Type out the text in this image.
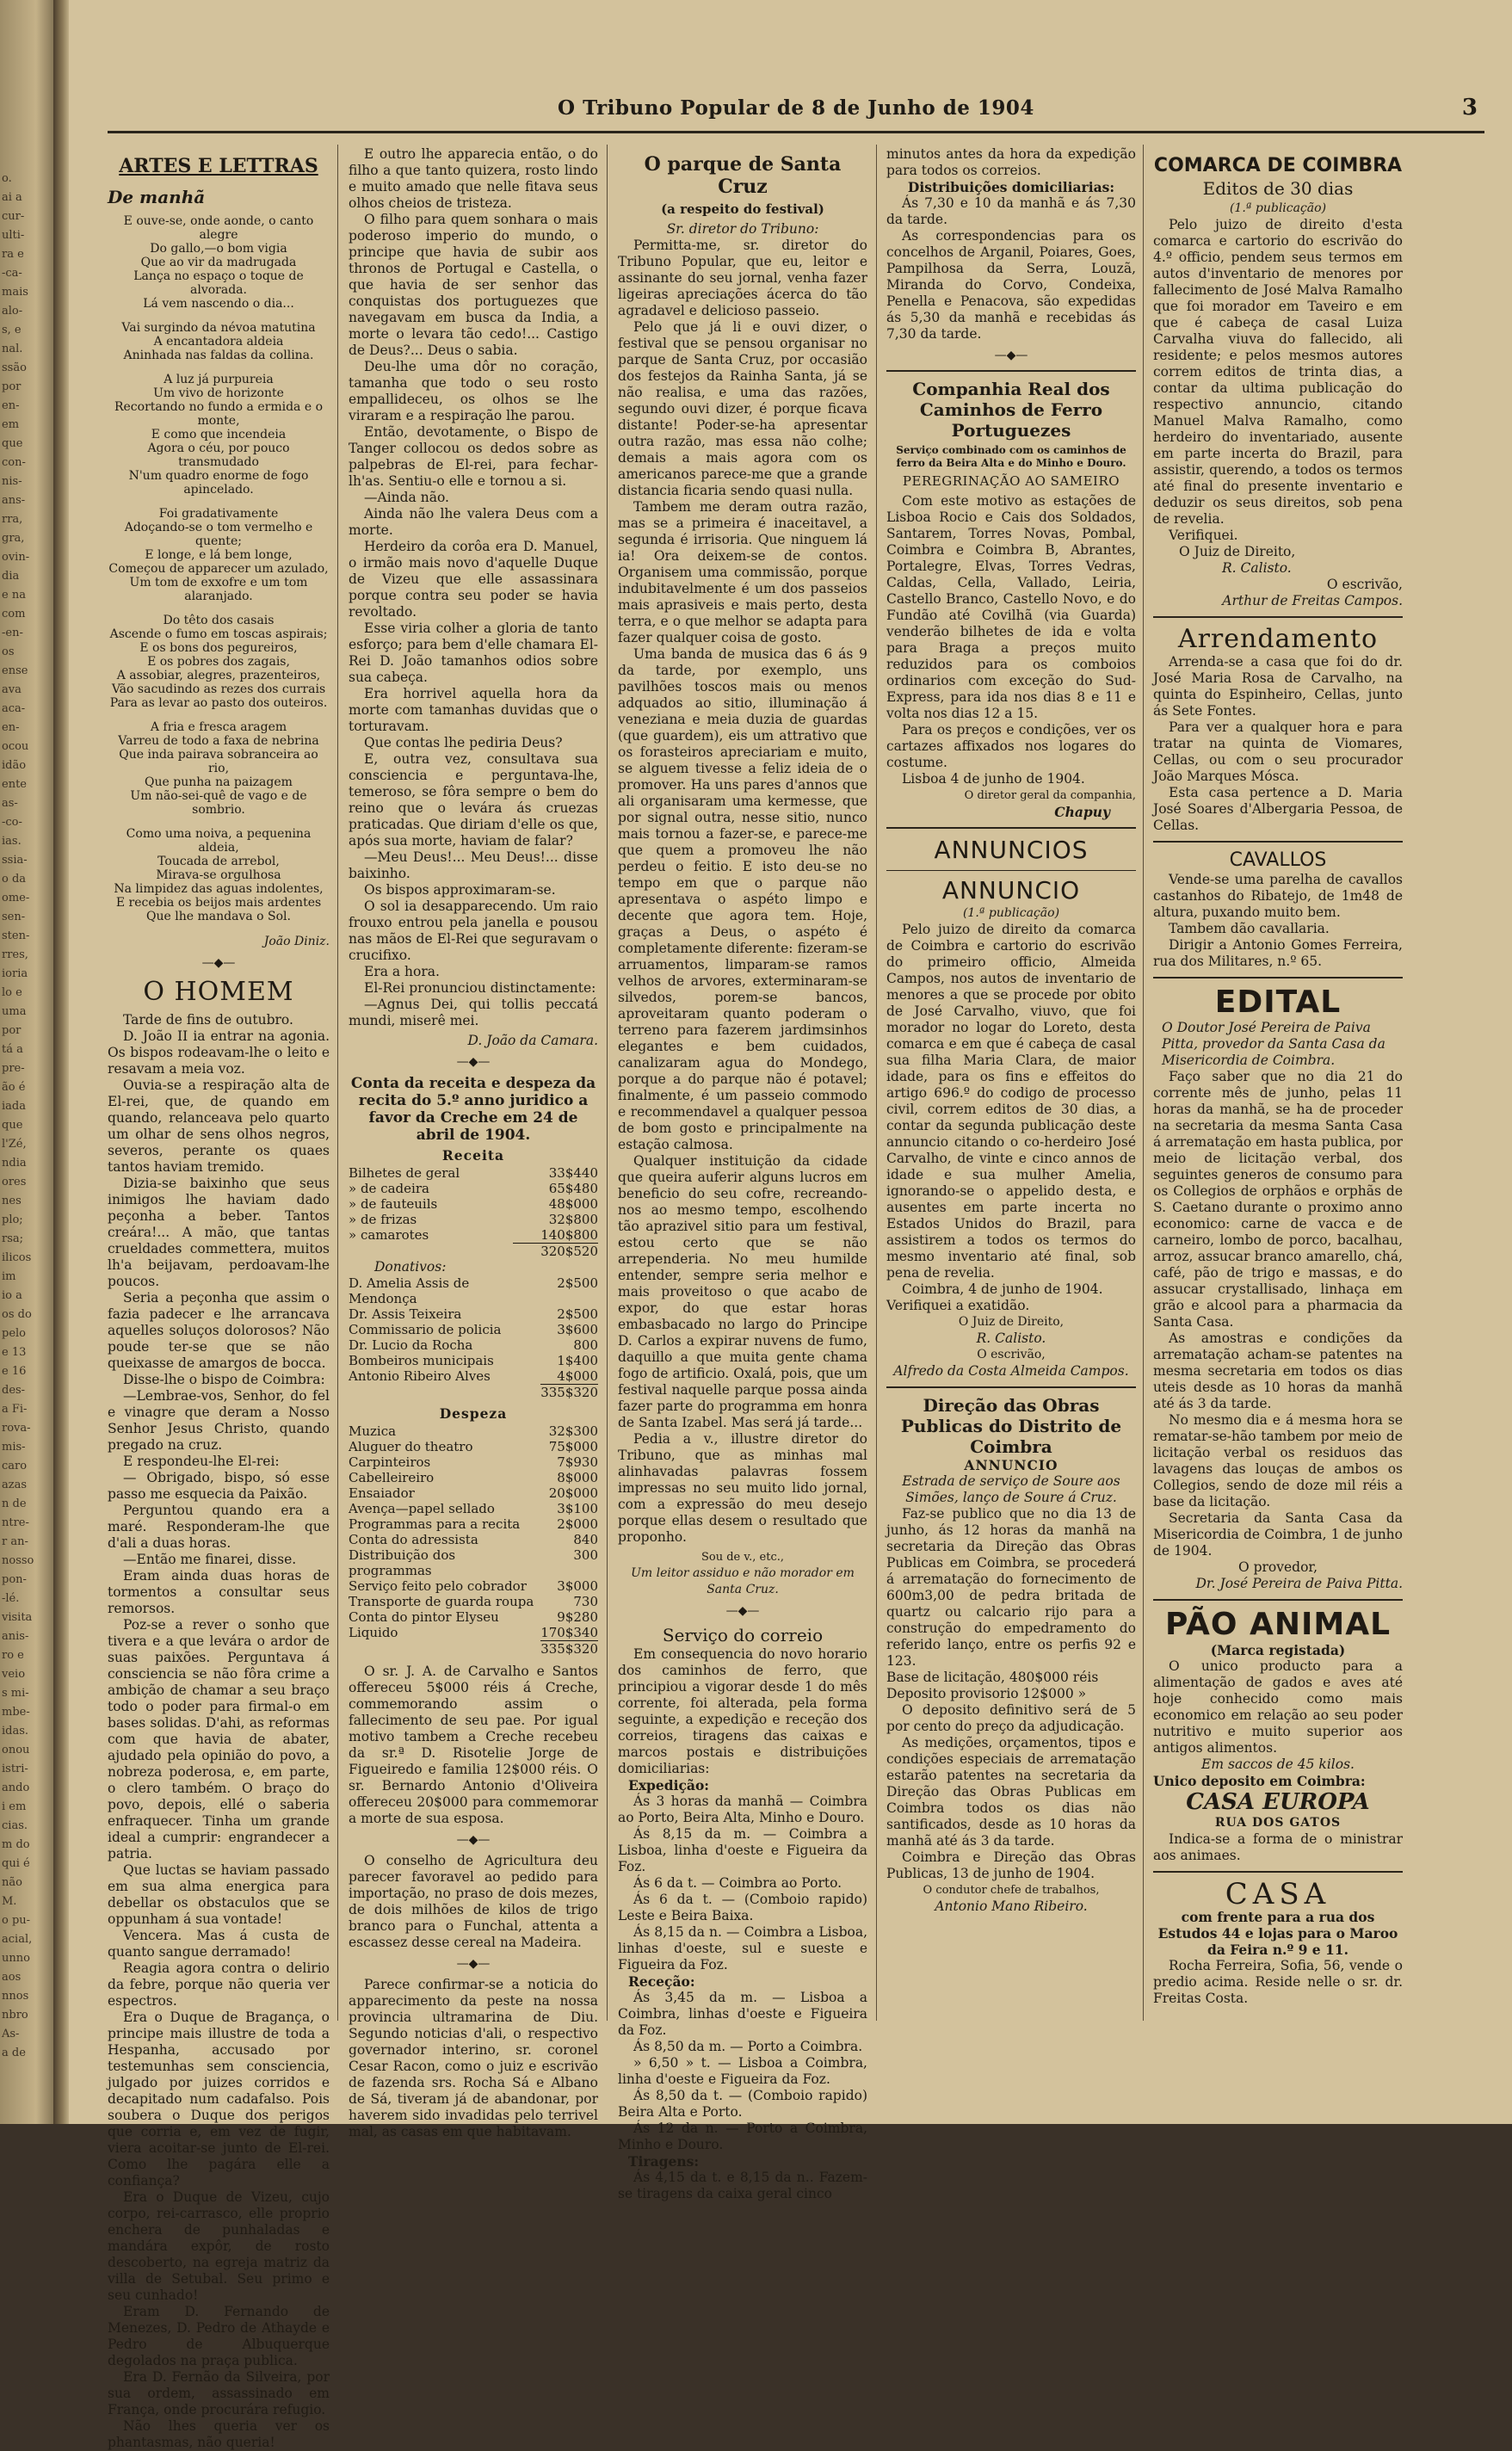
o.
ai a
cur-
ulti-
ra e
-ca-
mais
alo-
s, e
nal.
ssão
por
en-
em
que
con-
nis-
ans-
rra,
gra,
ovin-
dia
e na
com
-en-
os
ense
ava
aca-
en-
ocou
idão
ente
as-
-co-
ias.
ssia-
o da
ome-
sen-
sten-
rres,
ioria
lo e
uma
por
tá a
pre-
ão é
iada
que
l'Zé,
ndia
ores
nes
plo;
rsa;
ilicos
im
io a
os do
pelo
e 13
e 16
des-
a Fi-
rova-
mis-
caro
azas
n de
ntre-
r an-
nosso
pon-
-lé.
visita
anis-
ro e
veio
s mi-
mbe-
idas.
onou
istri-
ando
i em
cias.
m do
qui é
não
M.
o pu-
acial,
unno
aos
nnos
nbro
As-
a de
O Tribuno Popular de 8 de Junho de 1904	3
ARTES E LETTRAS
De manhã

E ouve-se, onde aonde, o canto alegre

Do gallo,—o bom vigia

Que ao vir da madrugada

Lança no espaço o toque de alvorada.

Lá vem nascendo o dia...

Vai surgindo da névoa matutina

A encantadora aldeia

Aninhada nas faldas da collina.

A luz já purpureia

Um vivo de horizonte

Recortando no fundo a ermida e o monte,

E como que incendeia

Agora o céu, por pouco transmudado

N'um quadro enorme de fogo apincelado.

Foi gradativamente

Adoçando-se o tom vermelho e quente;

E longe, e lá bem longe,

Começou de apparecer um azulado,

Um tom de exxofre e um tom alaranjado.

Do têto dos casais

Ascende o fumo em toscas aspirais;

E os bons dos pegureiros,

E os pobres dos zagais,

A assobiar, alegres, prazenteiros,

Vão sacudindo as rezes dos currais

Para as levar ao pasto dos outeiros.

A fria e fresca aragem

Varreu de todo a faxa de nebrina

Que inda pairava sobranceira ao rio,

Que punha na paizagem

Um não-sei-quê de vago e de sombrio.

Como uma noiva, a pequenina aldeia,

Toucada de arrebol,

Mirava-se orgulhosa

Na limpidez das aguas indolentes,

E recebia os beijos mais ardentes

Que lhe mandava o Sol.

João Diniz.
—◆—
O HOMEM

Tarde de fins de outubro.

D. João II ia entrar na agonia. Os bispos rodeavam-lhe o leito e resavam a meia voz.

Ouvia-se a respiração alta de El-rei, que, de quando em quando, relanceava pelo quarto um olhar de sens olhos negros, severos, perante os quaes tantos haviam tremido.

Dizia-se baixinho que seus inimigos lhe haviam dado peçonha a beber. Tantos creára!... A mão, que tantas crueldades commettera, muitos lh'a beijavam, perdoavam-lhe poucos.

Seria a peçonha que assim o fazia padecer e lhe arrancava aquelles soluços dolorosos? Não poude ter-se que se não queixasse de amargos de bocca.

Disse-lhe o bispo de Coimbra:

—Lembrae-vos, Senhor, do fel e vinagre que deram a Nosso Senhor Jesus Christo, quando pregado na cruz.

E respondeu-lhe El-rei:

— Obrigado, bispo, só esse passo me esquecia da Paixão.

Perguntou quando era a maré. Responderam-lhe que d'ali a duas horas.

—Então me finarei, disse.

Eram ainda duas horas de tormentos a consultar seus remorsos.

Poz-se a rever o sonho que tivera e a que levára o ardor de suas paixões. Perguntava á consciencia se não fôra crime a ambição de chamar a seu braço todo o poder para firmal-o em bases solidas. D'ahi, as reformas com que havia de abater, ajudado pela opinião do povo, a nobreza poderosa, e, em parte, o clero também. O braço do povo, depois, ellé o saberia enfraquecer. Tinha um grande ideal a cumprir: engrandecer a patria.

Que luctas se haviam passado em sua alma energica para debellar os obstaculos que se oppunham á sua vontade!

Vencera. Mas á custa de quanto sangue derramado!

Reagia agora contra o delirio da febre, porque não queria ver espectros.

Era o Duque de Bragança, o principe mais illustre de toda a Hespanha, accusado por testemunhas sem consciencia, julgado por juizes corridos e decapitado num cadafalso. Pois soubera o Duque dos perigos que corria e, em vez de fugir, viera acoitar-se junto de El-rei. Como lhe pagára elle a confiança?

Era o Duque de Vizeu, cujo corpo, rei-carrasco, elle proprio enchera de punhaladas e mandára expôr, de rosto descoberto, na egreja matriz da villa de Setubal. Seu primo e seu cunhado!

Eram D. Fernando de Menezes, D. Pedro de Athayde e Pedro de Albuquerque degolados na praça publica.

Era D. Fernão da Silveira, por sua ordem, assassinado em França, onde procurára refugio.

Não lhes queria ver os phantasmas, não queria!

E outro lhe apparecia então, o do filho a que tanto quizera, rosto lindo e muito amado que nelle fitava seus olhos cheios de tristeza.

O filho para quem sonhara o mais poderoso imperio do mundo, o principe que havia de subir aos thronos de Portugal e Castella, o que havia de ser senhor das conquistas dos portuguezes que navegavam em busca da India, a morte o levara tão cedo!... Castigo de Deus?... Deus o sabia.

Deu-lhe uma dôr no coração, tamanha que todo o seu rosto empallideceu, os olhos se lhe viraram e a respiração lhe parou.

Então, devotamente, o Bispo de Tanger collocou os dedos sobre as palpebras de El-rei, para fechar-lh'as. Sentiu-o elle e tornou a si.

—Ainda não.

Ainda não lhe valera Deus com a morte.

Herdeiro da corôa era D. Manuel, o irmão mais novo d'aquelle Duque de Vizeu que elle assassinara porque contra seu poder se havia revoltado.

Esse viria colher a gloria de tanto esforço; para bem d'elle chamara El-Rei D. João tamanhos odios sobre sua cabeça.

Era horrivel aquella hora da morte com tamanhas duvidas que o torturavam.

Que contas lhe pediria Deus?

E, outra vez, consultava sua consciencia e perguntava-lhe, temeroso, se fôra sempre o bem do reino que o levára ás cruezas praticadas. Que diriam d'elle os que, após sua morte, haviam de falar?

—Meu Deus!... Meu Deus!... disse baixinho.

Os bispos approximaram-se.

O sol ia desapparecendo. Um raio frouxo entrou pela janella e pousou nas mãos de El-Rei que seguravam o crucifixo.

Era a hora.

El-Rei pronunciou distinctamente:

—Agnus Dei, qui tollis peccatá mundi, miserê mei.

D. João da Camara.
—◆—
Conta da receita e despeza da recita do 5.º anno juridico a favor da Creche em 24 de abril de 1904.
Receita
Bilhetes de geral	33$440
» de cadeira	65$480
» de fauteuils	48$000
» de frizas	32$800
» camarotes	140$800
	320$520
Donativos:
D. Amelia Assis de Mendonça	2$500
Dr. Assis Teixeira	2$500
Commissario de policia	3$600
Dr. Lucio da Rocha	800
Bombeiros municipais	1$400
Antonio Ribeiro Alves	4$000
	335$320
Despeza
Muzica	32$300
Aluguer do theatro	75$000
Carpinteiros	7$930
Cabelleireiro	8$000
Ensaiador	20$000
Avença—papel sellado	3$100
Programmas para a recita	2$000
Conta do adressista	840
Distribuição dos programmas	300
Serviço feito pelo cobrador	3$000
Transporte de guarda roupa	730
Conta do pintor Elyseu	9$280
Liquido	170$340
	335$320

O sr. J. A. de Carvalho e Santos offereceu 5$000 réis á Creche, commemorando assim o fallecimento de seu pae. Por igual motivo tambem a Creche recebeu da sr.ª D. Risotelie Jorge de Figueiredo e familia 12$000 réis. O sr. Bernardo Antonio d'Oliveira offereceu 20$000 para commemorar a morte de sua esposa.

—◆—

O conselho de Agricultura deu parecer favoravel ao pedido para importação, no praso de dois mezes, de dois milhões de kilos de trigo branco para o Funchal, attenta a escassez desse cereal na Madeira.

—◆—

Parece confirmar-se a noticia do apparecimento da peste na nossa provincia ultramarina de Diu. Segundo noticias d'ali, o respectivo governador interino, sr. coronel Cesar Racon, como o juiz e escrivão de fazenda srs. Rocha Sá e Albano de Sá, tiveram já de abandonar, por haverem sido invadidas pelo terrivel mal, as casas em que habitavam.

O parque de Santa Cruz
(a respeito do festival)
Sr. diretor do Tribuno:

Permitta-me, sr. diretor do Tribuno Popular, que eu, leitor e assinante do seu jornal, venha fazer ligeiras apreciações ácerca do tão agradavel e delicioso passeio.

Pelo que já li e ouvi dizer, o festival que se pensou organisar no parque de Santa Cruz, por occasião dos festejos da Rainha Santa, já se não realisa, e uma das razões, segundo ouvi dizer, é porque ficava distante! Poder-se-ha apresentar outra razão, mas essa não colhe; demais a mais agora com os americanos parece-me que a grande distancia ficaria sendo quasi nulla.

Tambem me deram outra razão, mas se a primeira é inaceitavel, a segunda é irrisoria. Que ninguem lá ia! Ora deixem-se de contos. Organisem uma commissão, porque indubitavelmente é um dos passeios mais aprasiveis e mais perto, desta terra, e o que melhor se adapta para fazer qualquer coisa de gosto.

Uma banda de musica das 6 ás 9 da tarde, por exemplo, uns pavilhões toscos mais ou menos adquados ao sitio, illuminação á veneziana e meia duzia de guardas (que guardem), eis um attrativo que os forasteiros apreciariam e muito, se alguem tivesse a feliz ideia de o promover. Ha uns pares d'annos que ali organisaram uma kermesse, que por signal outra, nesse sitio, nunco mais tornou a fazer-se, e parece-me que quem a promoveu lhe não perdeu o feitio. E isto deu-se no tempo em que o parque não apresentava o aspéto limpo e decente que agora tem. Hoje, graças a Deus, o aspéto é completamente diferente: fizeram-se arruamentos, limparam-se ramos velhos de arvores, exterminaram-se silvedos, porem-se bancos, aproveitaram quanto poderam o terreno para fazerem jardimsinhos elegantes e bem cuidados, canalizaram agua do Mondego, porque a do parque não é potavel; finalmente, é um passeio commodo e recommendavel a qualquer pessoa de bom gosto e principalmente na estação calmosa.

Qualquer instituição da cidade que queira auferir alguns lucros em beneficio do seu cofre, recreando-nos ao mesmo tempo, escolhendo tão aprazivel sitio para um festival, estou certo que se não arrependeria. No meu humilde entender, sempre seria melhor e mais proveitoso o que acabo de expor, do que estar horas embasbacado no largo do Principe D. Carlos a expirar nuvens de fumo, daquillo a que muita gente chama fogo de artificio. Oxalá, pois, que um festival naquelle parque possa ainda fazer parte do programma em honra de Santa Izabel. Mas será já tarde...

Pedia a v., illustre diretor do Tribuno, que as minhas mal alinhavadas palavras fossem impressas no seu muito lido jornal, com a expressão do meu desejo porque ellas desem o resultado que proponho.

Sou de v., etc.,
Um leitor assiduo e não morador em Santa Cruz.
—◆—
Serviço do correio

Em consequencia do novo horario dos caminhos de ferro, que principiou a vigorar desde 1 do mês corrente, foi alterada, pela forma seguinte, a expedição e receção dos correios, tiragens das caixas e marcos postais e distribuições domiciliarias:

Expedição:

Ás 3 horas da manhã — Coimbra ao Porto, Beira Alta, Minho e Douro.

Ás 8,15 da m. — Coimbra a Lisboa, linha d'oeste e Figueira da Foz.

Ás 6 da t. — Coimbra ao Porto.

Ás 6 da t. — (Comboio rapido) Leste e Beira Baixa.

Ás 8,15 da n. — Coimbra a Lisboa, linhas d'oeste, sul e sueste e Figueira da Foz.

Receção:

Ás 3,45 da m. — Lisboa a Coimbra, linhas d'oeste e Figueira da Foz.

Ás 8,50 da m. — Porto a Coimbra.

» 6,50 » t. — Lisboa a Coimbra, linha d'oeste e Figueira da Foz.

Ás 8,50 da t. — (Comboio rapido) Beira Alta e Porto.

Ás 12 da n. — Porto a Coimbra, Minho e Douro.

Tiragens:

Ás 4,15 da t. e 8,15 da n.. Fazem-se tiragens da caixa geral cinco

minutos antes da hora da expedição para todos os correios.

Distribuições domiciliarias:

Ás 7,30 e 10 da manhã e ás 7,30 da tarde.

As correspondencias para os concelhos de Arganil, Poiares, Goes, Pampilhosa da Serra, Louzã, Miranda do Corvo, Condeixa, Penella e Penacova, são expedidas ás 5,30 da manhã e recebidas ás 7,30 da tarde.

—◆—
Companhia Real dos Caminhos de Ferro Portuguezes
Serviço combinado com os caminhos de ferro da Beira Alta e do Minho e Douro.
PEREGRINAÇÃO AO SAMEIRO

Com este motivo as estações de Lisboa Rocio e Cais dos Soldados, Santarem, Torres Novas, Pombal, Coimbra e Coimbra B, Abrantes, Portalegre, Elvas, Torres Vedras, Caldas, Cella, Vallado, Leiria, Castello Branco, Castello Novo, e do Fundão até Covilhã (via Guarda) venderão bilhetes de ida e volta para Braga a preços muito reduzidos para os comboios ordinarios com exceção do Sud-Express, para ida nos dias 8 e 11 e volta nos dias 12 a 15.

Para os preços e condições, ver os cartazes affixados nos logares do costume.

Lisboa 4 de junho de 1904.
O diretor geral da companhia,
Chapuy
ANNUNCIOS
ANNUNCIO
(1.ª publicação)

Pelo juizo de direito da comarca de Coimbra e cartorio do escrivão do primeiro officio, Almeida Campos, nos autos de inventario de menores a que se procede por obito de José Carvalho, viuvo, que foi morador no logar do Loreto, desta comarca e em que é cabeça de casal sua filha Maria Clara, de maior idade, para os fins e effeitos do artigo 696.º do codigo de processo civil, correm editos de 30 dias, a contar da segunda publicação deste annuncio citando o co-herdeiro José Carvalho, de vinte e cinco annos de idade e sua mulher Amelia, ignorando-se o appelido desta, e ausentes em parte incerta no Estados Unidos do Brazil, para assistirem a todos os termos do mesmo inventario até final, sob pena de revelia.

Coimbra, 4 de junho de 1904.
Verifiquei a exatidão.
O Juiz de Direito,
R. Calisto.
O escrivão,
Alfredo da Costa Almeida Campos.
Direção das Obras Publicas do Distrito de Coimbra
ANNUNCIO
Estrada de serviço de Soure aos Simões, lanço de Soure á Cruz.

Faz-se publico que no dia 13 de junho, ás 12 horas da manhã na secretaria da Direção das Obras Publicas em Coimbra, se procederá á arrematação do fornecimento de 600m3,00 de pedra britada de quartz ou calcario rijo para a construção do empedramento do referido lanço, entre os perfis 92 e 123.

Base de licitação, 480$000 réis
Deposito provisorio 12$000 »

O deposito definitivo será de 5 por cento do preço da adjudicação.

As medições, orçamentos, tipos e condições especiais de arrematação estarão patentes na secretaria da Direção das Obras Publicas em Coimbra todos os dias não santificados, desde as 10 horas da manhã até ás 3 da tarde.

Coimbra e Direção das Obras Publicas, 13 de junho de 1904.

O condutor chefe de trabalhos,
Antonio Mano Ribeiro.
COMARCA DE COIMBRA
Editos de 30 dias
(1.ª publicação)

Pelo juizo de direito d'esta comarca e cartorio do escrivão do 4.º officio, pendem seus termos em autos d'inventario de menores por fallecimento de José Malva Ramalho que foi morador em Taveiro e em que é cabeça de casal Luiza Carvalha viuva do fallecido, ali residente; e pelos mesmos autores correm editos de trinta dias, a contar da ultima publicação do respectivo annuncio, citando Manuel Malva Ramalho, como herdeiro do inventariado, ausente em parte incerta do Brazil, para assistir, querendo, a todos os termos até final do presente inventario e deduzir os seus direitos, sob pena de revelia.

Verifiquei.
O Juiz de Direito,
R. Calisto.
O escrivão,
Arthur de Freitas Campos.
Arrendamento

Arrenda-se a casa que foi do dr. José Maria Rosa de Carvalho, na quinta do Espinheiro, Cellas, junto ás Sete Fontes.

Para ver a qualquer hora e para tratar na quinta de Viomares, Cellas, ou com o seu procurador João Marques Mósca.

Esta casa pertence a D. Maria José Soares d'Albergaria Pessoa, de Cellas.

CAVALLOS

Vende-se uma parelha de cavallos castanhos do Ribatejo, de 1m48 de altura, puxando muito bem.

Tambem dão cavallaria.

Dirigir a Antonio Gomes Ferreira, rua dos Militares, n.º 65.

EDITAL
O Doutor José Pereira de Paiva Pitta, provedor da Santa Casa da Misericordia de Coimbra.

Faço saber que no dia 21 do corrente mês de junho, pelas 11 horas da manhã, se ha de proceder na secretaria da mesma Santa Casa á arrematação em hasta publica, por meio de licitação verbal, dos seguintes generos de consumo para os Collegios de orphãos e orphãs de S. Caetano durante o proximo anno economico: carne de vacca e de carneiro, lombo de porco, bacalhau, arroz, assucar branco amarello, chá, café, pão de trigo e massas, e do assucar crystallisado, linhaça em grão e alcool para a pharmacia da Santa Casa.

As amostras e condições da arrematação acham-se patentes na mesma secretaria em todos os dias uteis desde as 10 horas da manhã até ás 3 da tarde.

No mesmo dia e á mesma hora se rematar-se-hão tambem por meio de licitação verbal os residuos das lavagens das louças de ambos os Collegios, sendo de doze mil réis a base da licitação.

Secretaria da Santa Casa da Misericordia de Coimbra, 1 de junho de 1904.

O provedor,
Dr. José Pereira de Paiva Pitta.
PÃO ANIMAL
(Marca registada)

O unico producto para a alimentação de gados e aves até hoje conhecido como mais economico em relação ao seu poder nutritivo e muito superior aos antigos alimentos.

Em saccos de 45 kilos.
Unico deposito em Coimbra:
CASA EUROPA
RUA DOS GATOS

Indica-se a forma de o ministrar aos animaes.

CASA

com frente para a rua dos Estudos 44 e lojas para o Maroo da Feira n.º 9 e 11.

Rocha Ferreira, Sofia, 56, vende o predio acima. Reside nelle o sr. dr. Freitas Costa.
